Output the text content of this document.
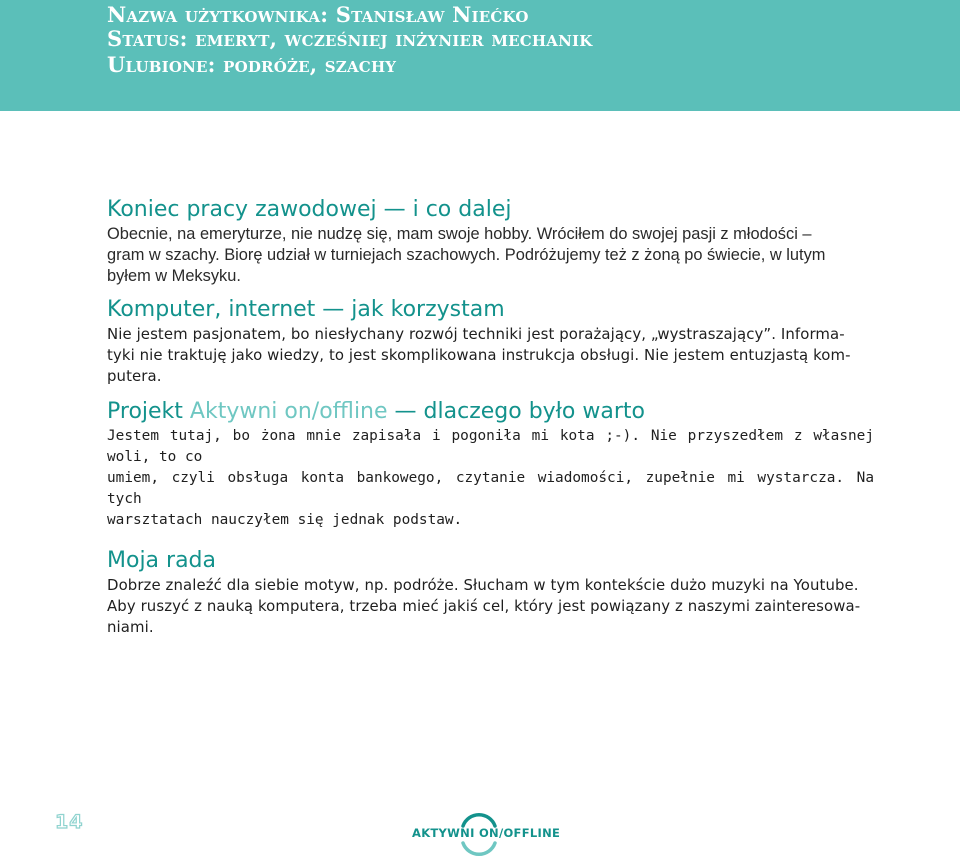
Nazwa użytkownika: Stanisław Niećko
Status: emeryt, wcześniej inżynier mechanik
Ulubione: podróże, szachy
Koniec pracy zawodowej — i co dalej

Obecnie, na emeryturze, nie nudzę się, mam swoje hobby. Wróciłem do swojej pasji z młodości –
gram w szachy. Biorę udział w turniejach szachowych. Podróżujemy też z żoną po świecie, w lutym
byłem w Meksyku.

Komputer, internet — jak korzystam

Nie jestem pasjonatem, bo niesłychany rozwój techniki jest porażający, „wystraszający”. Informa-
tyki nie traktuję jako wiedzy, to jest skomplikowana instrukcja obsługi. Nie jestem entuzjastą kom-
putera.

Projekt Aktywni on/offline — dlaczego było warto

Jestem tutaj, bo żona mnie zapisała i pogoniła mi kota ;-). Nie przyszedłem z własnej woli, to co
umiem, czyli obsługa konta bankowego, czytanie wiadomości, zupełnie mi wystarcza. Na tych
warsztatach nauczyłem się jednak podstaw.

Moja rada

Dobrze znaleźć dla siebie motyw, np. podróże. Słucham w tym kontekście dużo muzyki na Youtube.
Aby ruszyć z nauką komputera, trzeba mieć jakiś cel, który jest powiązany z naszymi zainteresowa-
niami.

14	AKTYWNI ON/OFFLINE
